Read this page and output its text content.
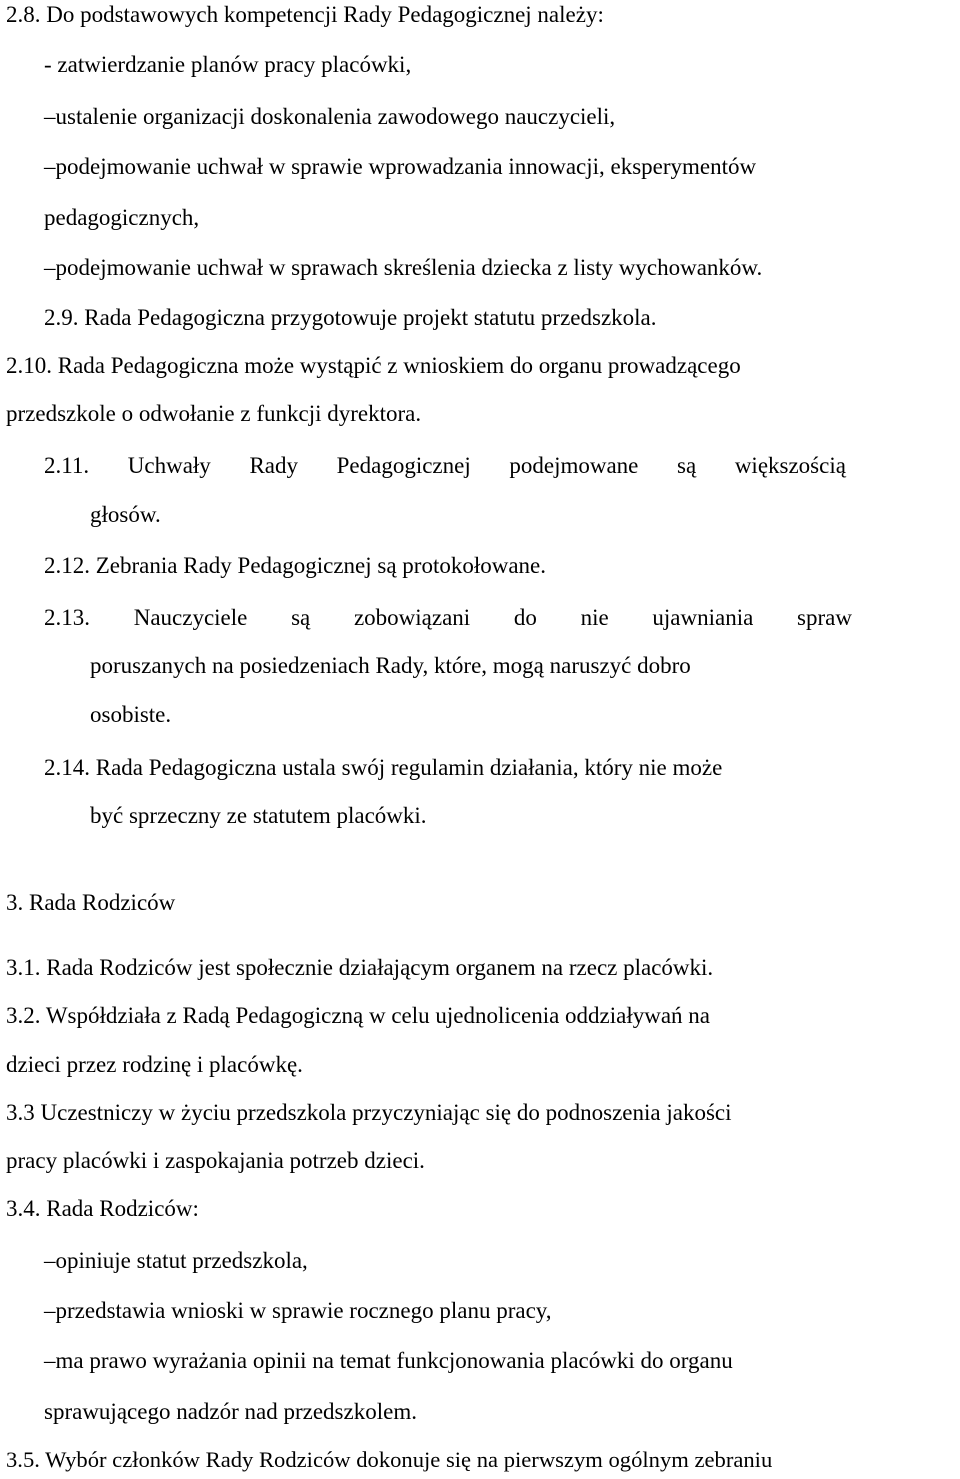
2.8. Do podstawowych kompetencji Rady Pedagogicznej należy:
- zatwierdzanie planów pracy placówki,
‒ustalenie organizacji doskonalenia zawodowego nauczycieli,
‒podejmowanie uchwał w sprawie wprowadzania innowacji, eksperymentów
pedagogicznych,
‒podejmowanie uchwał w sprawach skreślenia dziecka z listy wychowanków.
2.9. Rada Pedagogiczna przygotowuje projekt statutu przedszkola.
2.10. Rada Pedagogiczna może wystąpić z wnioskiem do organu prowadzącego
przedszkole o odwołanie z funkcji dyrektora.
2.11. Uchwały Rady Pedagogicznej podejmowane są większością
głosów.
2.12. Zebrania Rady Pedagogicznej są protokołowane.
2.13. Nauczyciele są zobowiązani do nie ujawniania spraw
poruszanych na posiedzeniach Rady, które, mogą naruszyć dobro
osobiste.
2.14. Rada Pedagogiczna ustala swój regulamin działania, który nie może
być sprzeczny ze statutem placówki.
3. Rada Rodziców
3.1. Rada Rodziców jest społecznie działającym organem na rzecz placówki.
3.2. Współdziała z Radą Pedagogiczną w celu ujednolicenia oddziaływań na
dzieci przez rodzinę i placówkę.
3.3 Uczestniczy w życiu przedszkola przyczyniając się do podnoszenia jakości
pracy placówki i zaspokajania potrzeb dzieci.
3.4. Rada Rodziców:
‒opiniuje statut przedszkola,
‒przedstawia wnioski w sprawie rocznego planu pracy,
‒ma prawo wyrażania opinii na temat funkcjonowania placówki do organu
sprawującego nadzór nad przedszkolem.
3.5. Wybór członków Rady Rodziców dokonuje się na pierwszym ogólnym zebraniu
